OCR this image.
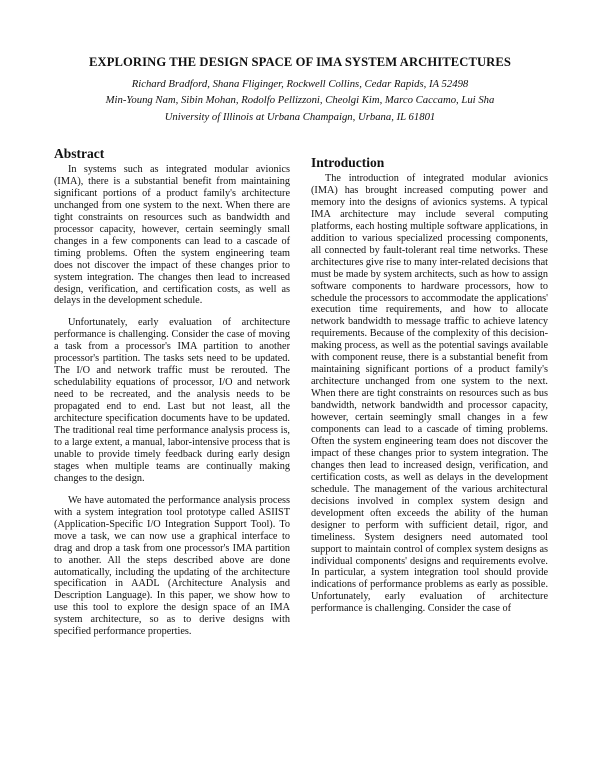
EXPLORING THE DESIGN SPACE OF IMA SYSTEM ARCHITECTURES
Richard Bradford, Shana Fliginger, Rockwell Collins, Cedar Rapids, IA 52498
Min-Young Nam, Sibin Mohan, Rodolfo Pellizzoni, Cheolgi Kim, Marco Caccamo, Lui Sha
University of Illinois at Urbana Champaign, Urbana, IL 61801
Abstract

In systems such as integrated modular avionics (IMA), there is a substantial benefit from maintaining significant portions of a product family's architecture unchanged from one system to the next. When there are tight constraints on resources such as bandwidth and processor capacity, however, certain seemingly small changes in a few components can lead to a cascade of timing problems. Often the system engineering team does not discover the impact of these changes prior to system integration. The changes then lead to increased design, verification, and certification costs, as well as delays in the development schedule.

Unfortunately, early evaluation of architecture performance is challenging. Consider the case of moving a task from a processor's IMA partition to another processor's partition. The tasks sets need to be updated. The I/O and network traffic must be rerouted. The schedulability equations of processor, I/O and network need to be recreated, and the analysis needs to be propagated end to end. Last but not least, all the architecture specification documents have to be updated. The traditional real time performance analysis process is, to a large extent, a manual, labor-intensive process that is unable to provide timely feedback during early design stages when multiple teams are continually making changes to the design.

We have automated the performance analysis process with a system integration tool prototype called ASIIST (Application-Specific I/O Integration Support Tool). To move a task, we can now use a graphical interface to drag and drop a task from one processor's IMA partition to another. All the steps described above are done automatically, including the updating of the architecture specification in AADL (Architecture Analysis and Description Language). In this paper, we show how to use this tool to explore the design space of an IMA system architecture, so as to derive designs with specified performance properties.

Introduction

The introduction of integrated modular avionics (IMA) has brought increased computing power and memory into the designs of avionics systems. A typical IMA architecture may include several computing platforms, each hosting multiple software applications, in addition to various specialized processing components, all connected by fault-tolerant real time networks. These architectures give rise to many inter-related decisions that must be made by system architects, such as how to assign software components to hardware processors, how to schedule the processors to accommodate the applications' execution time requirements, and how to allocate network bandwidth to message traffic to achieve latency requirements. Because of the complexity of this decision-making process, as well as the potential savings available with component reuse, there is a substantial benefit from maintaining significant portions of a product family's architecture unchanged from one system to the next. When there are tight constraints on resources such as bus bandwidth, network bandwidth and processor capacity, however, certain seemingly small changes in a few components can lead to a cascade of timing problems. Often the system engineering team does not discover the impact of these changes prior to system integration. The changes then lead to increased design, verification, and certification costs, as well as delays in the development schedule. The management of the various architectural decisions involved in complex system design and development often exceeds the ability of the human designer to perform with sufficient detail, rigor, and timeliness. System designers need automated tool support to maintain control of complex system designs as individual components' designs and requirements evolve. In particular, a system integration tool should provide indications of performance problems as early as possible. Unfortunately, early evaluation of architecture performance is challenging. Consider the case of
